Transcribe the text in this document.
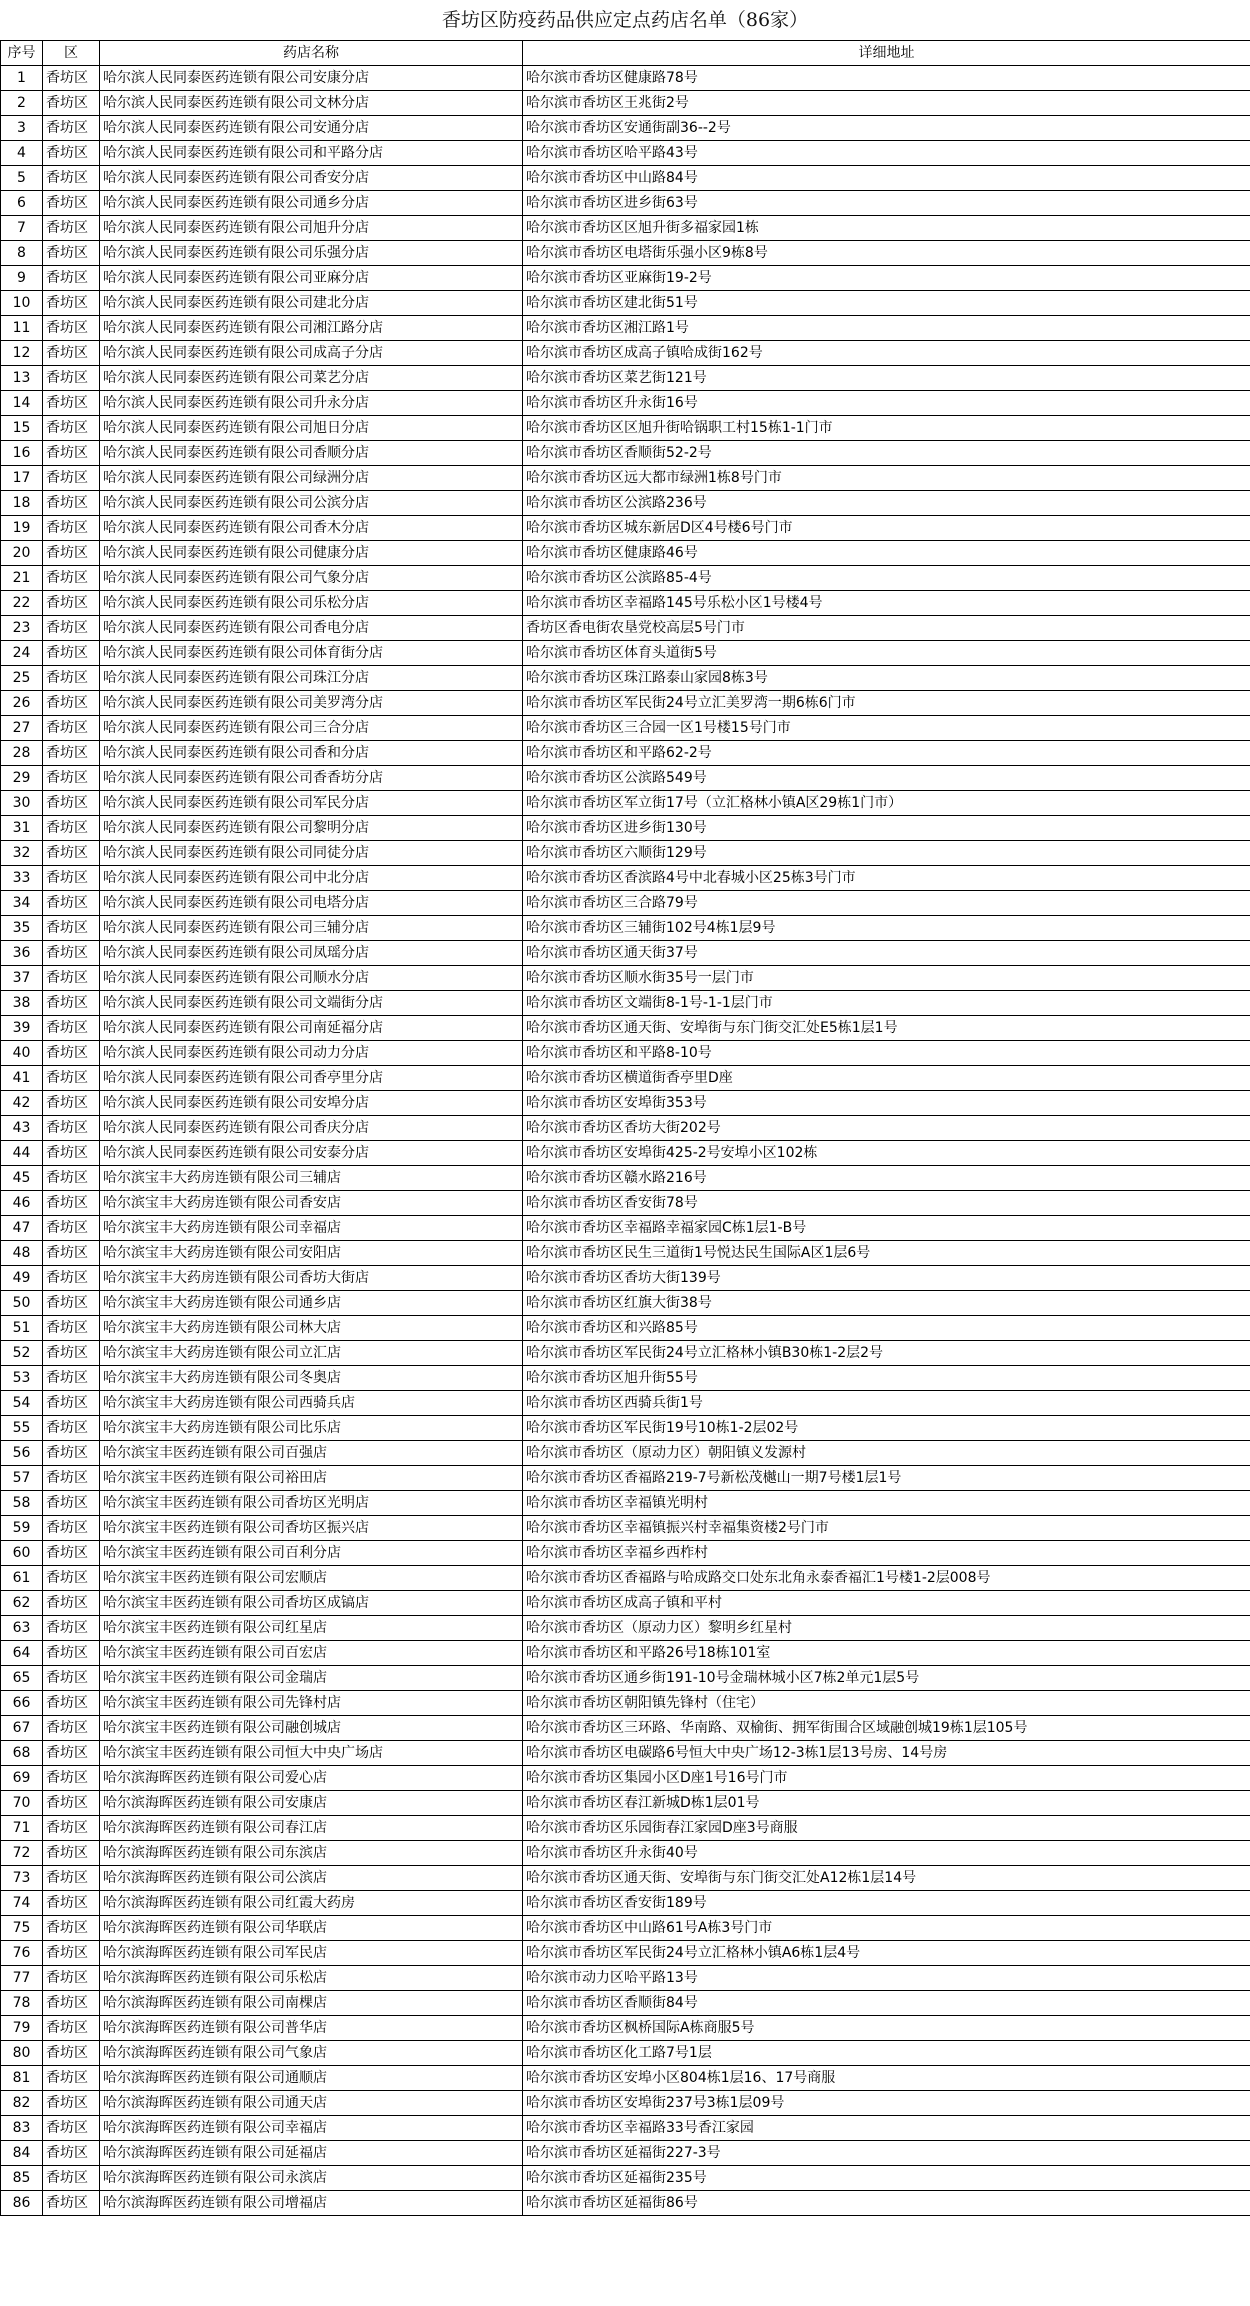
香坊区防疫药品供应定点药店名单（86家）
序号	区	药店名称	详细地址
1	香坊区	哈尔滨人民同泰医药连锁有限公司安康分店	哈尔滨市香坊区健康路78号
2	香坊区	哈尔滨人民同泰医药连锁有限公司文林分店	哈尔滨市香坊区王兆街2号
3	香坊区	哈尔滨人民同泰医药连锁有限公司安通分店	哈尔滨市香坊区安通街副36--2号
4	香坊区	哈尔滨人民同泰医药连锁有限公司和平路分店	哈尔滨市香坊区哈平路43号
5	香坊区	哈尔滨人民同泰医药连锁有限公司香安分店	哈尔滨市香坊区中山路84号
6	香坊区	哈尔滨人民同泰医药连锁有限公司通乡分店	哈尔滨市香坊区进乡街63号
7	香坊区	哈尔滨人民同泰医药连锁有限公司旭升分店	哈尔滨市香坊区区旭升街多福家园1栋
8	香坊区	哈尔滨人民同泰医药连锁有限公司乐强分店	哈尔滨市香坊区电塔街乐强小区9栋8号
9	香坊区	哈尔滨人民同泰医药连锁有限公司亚麻分店	哈尔滨市香坊区亚麻街19-2号
10	香坊区	哈尔滨人民同泰医药连锁有限公司建北分店	哈尔滨市香坊区建北街51号
11	香坊区	哈尔滨人民同泰医药连锁有限公司湘江路分店	哈尔滨市香坊区湘江路1号
12	香坊区	哈尔滨人民同泰医药连锁有限公司成高子分店	哈尔滨市香坊区成高子镇哈成街162号
13	香坊区	哈尔滨人民同泰医药连锁有限公司菜艺分店	哈尔滨市香坊区菜艺街121号
14	香坊区	哈尔滨人民同泰医药连锁有限公司升永分店	哈尔滨市香坊区升永街16号
15	香坊区	哈尔滨人民同泰医药连锁有限公司旭日分店	哈尔滨市香坊区区旭升街哈锅职工村15栋1-1门市
16	香坊区	哈尔滨人民同泰医药连锁有限公司香顺分店	哈尔滨市香坊区香顺街52-2号
17	香坊区	哈尔滨人民同泰医药连锁有限公司绿洲分店	哈尔滨市香坊区远大都市绿洲1栋8号门市
18	香坊区	哈尔滨人民同泰医药连锁有限公司公滨分店	哈尔滨市香坊区公滨路236号
19	香坊区	哈尔滨人民同泰医药连锁有限公司香木分店	哈尔滨市香坊区城东新居D区4号楼6号门市
20	香坊区	哈尔滨人民同泰医药连锁有限公司健康分店	哈尔滨市香坊区健康路46号
21	香坊区	哈尔滨人民同泰医药连锁有限公司气象分店	哈尔滨市香坊区公滨路85-4号
22	香坊区	哈尔滨人民同泰医药连锁有限公司乐松分店	哈尔滨市香坊区幸福路145号乐松小区1号楼4号
23	香坊区	哈尔滨人民同泰医药连锁有限公司香电分店	香坊区香电街农垦党校高层5号门市
24	香坊区	哈尔滨人民同泰医药连锁有限公司体育街分店	哈尔滨市香坊区体育头道街5号
25	香坊区	哈尔滨人民同泰医药连锁有限公司珠江分店	哈尔滨市香坊区珠江路泰山家园8栋3号
26	香坊区	哈尔滨人民同泰医药连锁有限公司美罗湾分店	哈尔滨市香坊区军民街24号立汇美罗湾一期6栋6门市
27	香坊区	哈尔滨人民同泰医药连锁有限公司三合分店	哈尔滨市香坊区三合园一区1号楼15号门市
28	香坊区	哈尔滨人民同泰医药连锁有限公司香和分店	哈尔滨市香坊区和平路62-2号
29	香坊区	哈尔滨人民同泰医药连锁有限公司香香坊分店	哈尔滨市香坊区公滨路549号
30	香坊区	哈尔滨人民同泰医药连锁有限公司军民分店	哈尔滨市香坊区军立街17号（立汇格林小镇A区29栋1门市）
31	香坊区	哈尔滨人民同泰医药连锁有限公司黎明分店	哈尔滨市香坊区进乡街130号
32	香坊区	哈尔滨人民同泰医药连锁有限公司同徒分店	哈尔滨市香坊区六顺街129号
33	香坊区	哈尔滨人民同泰医药连锁有限公司中北分店	哈尔滨市香坊区香滨路4号中北春城小区25栋3号门市
34	香坊区	哈尔滨人民同泰医药连锁有限公司电塔分店	哈尔滨市香坊区三合路79号
35	香坊区	哈尔滨人民同泰医药连锁有限公司三辅分店	哈尔滨市香坊区三辅街102号4栋1层9号
36	香坊区	哈尔滨人民同泰医药连锁有限公司凤瑶分店	哈尔滨市香坊区通天街37号
37	香坊区	哈尔滨人民同泰医药连锁有限公司顺水分店	哈尔滨市香坊区顺水街35号一层门市
38	香坊区	哈尔滨人民同泰医药连锁有限公司文端街分店	哈尔滨市香坊区文端街8-1号-1-1层门市
39	香坊区	哈尔滨人民同泰医药连锁有限公司南延福分店	哈尔滨市香坊区通天街、安埠街与东门街交汇处E5栋1层1号
40	香坊区	哈尔滨人民同泰医药连锁有限公司动力分店	哈尔滨市香坊区和平路8-10号
41	香坊区	哈尔滨人民同泰医药连锁有限公司香亭里分店	哈尔滨市香坊区横道街香亭里D座
42	香坊区	哈尔滨人民同泰医药连锁有限公司安埠分店	哈尔滨市香坊区安埠街353号
43	香坊区	哈尔滨人民同泰医药连锁有限公司香庆分店	哈尔滨市香坊区香坊大街202号
44	香坊区	哈尔滨人民同泰医药连锁有限公司安泰分店	哈尔滨市香坊区安埠街425-2号安埠小区102栋
45	香坊区	哈尔滨宝丰大药房连锁有限公司三辅店	哈尔滨市香坊区赣水路216号
46	香坊区	哈尔滨宝丰大药房连锁有限公司香安店	哈尔滨市香坊区香安街78号
47	香坊区	哈尔滨宝丰大药房连锁有限公司幸福店	哈尔滨市香坊区幸福路幸福家园C栋1层1-B号
48	香坊区	哈尔滨宝丰大药房连锁有限公司安阳店	哈尔滨市香坊区民生三道街1号悦达民生国际A区1层6号
49	香坊区	哈尔滨宝丰大药房连锁有限公司香坊大街店	哈尔滨市香坊区香坊大街139号
50	香坊区	哈尔滨宝丰大药房连锁有限公司通乡店	哈尔滨市香坊区红旗大街38号
51	香坊区	哈尔滨宝丰大药房连锁有限公司林大店	哈尔滨市香坊区和兴路85号
52	香坊区	哈尔滨宝丰大药房连锁有限公司立汇店	哈尔滨市香坊区军民街24号立汇格林小镇B30栋1-2层2号
53	香坊区	哈尔滨宝丰大药房连锁有限公司冬奥店	哈尔滨市香坊区旭升街55号
54	香坊区	哈尔滨宝丰大药房连锁有限公司西骑兵店	哈尔滨市香坊区西骑兵街1号
55	香坊区	哈尔滨宝丰大药房连锁有限公司比乐店	哈尔滨市香坊区军民街19号10栋1-2层02号
56	香坊区	哈尔滨宝丰医药连锁有限公司百强店	哈尔滨市香坊区（原动力区）朝阳镇义发源村
57	香坊区	哈尔滨宝丰医药连锁有限公司裕田店	哈尔滨市香坊区香福路219-7号新松茂樾山一期7号楼1层1号
58	香坊区	哈尔滨宝丰医药连锁有限公司香坊区光明店	哈尔滨市香坊区幸福镇光明村
59	香坊区	哈尔滨宝丰医药连锁有限公司香坊区振兴店	哈尔滨市香坊区幸福镇振兴村幸福集资楼2号门市
60	香坊区	哈尔滨宝丰医药连锁有限公司百利分店	哈尔滨市香坊区幸福乡西柞村
61	香坊区	哈尔滨宝丰医药连锁有限公司宏顺店	哈尔滨市香坊区香福路与哈成路交口处东北角永泰香福汇1号楼1-2层008号
62	香坊区	哈尔滨宝丰医药连锁有限公司香坊区成镐店	哈尔滨市香坊区成高子镇和平村
63	香坊区	哈尔滨宝丰医药连锁有限公司红星店	哈尔滨市香坊区（原动力区）黎明乡红星村
64	香坊区	哈尔滨宝丰医药连锁有限公司百宏店	哈尔滨市香坊区和平路26号18栋101室
65	香坊区	哈尔滨宝丰医药连锁有限公司金瑞店	哈尔滨市香坊区通乡街191-10号金瑞林城小区7栋2单元1层5号
66	香坊区	哈尔滨宝丰医药连锁有限公司先锋村店	哈尔滨市香坊区朝阳镇先锋村（住宅）
67	香坊区	哈尔滨宝丰医药连锁有限公司融创城店	哈尔滨市香坊区三环路、华南路、双榆街、拥军街围合区域融创城19栋1层105号
68	香坊区	哈尔滨宝丰医药连锁有限公司恒大中央广场店	哈尔滨市香坊区电碳路6号恒大中央广场12-3栋1层13号房、14号房
69	香坊区	哈尔滨海晖医药连锁有限公司爱心店	哈尔滨市香坊区集园小区D座1号16号门市
70	香坊区	哈尔滨海晖医药连锁有限公司安康店	哈尔滨市香坊区春江新城D栋1层01号
71	香坊区	哈尔滨海晖医药连锁有限公司春江店	哈尔滨市香坊区乐园街春江家园D座3号商服
72	香坊区	哈尔滨海晖医药连锁有限公司东滨店	哈尔滨市香坊区升永街40号
73	香坊区	哈尔滨海晖医药连锁有限公司公滨店	哈尔滨市香坊区通天街、安埠街与东门街交汇处A12栋1层14号
74	香坊区	哈尔滨海晖医药连锁有限公司红霞大药房	哈尔滨市香坊区香安街189号
75	香坊区	哈尔滨海晖医药连锁有限公司华联店	哈尔滨市香坊区中山路61号A栋3号门市
76	香坊区	哈尔滨海晖医药连锁有限公司军民店	哈尔滨市香坊区军民街24号立汇格林小镇A6栋1层4号
77	香坊区	哈尔滨海晖医药连锁有限公司乐松店	哈尔滨市动力区哈平路13号
78	香坊区	哈尔滨海晖医药连锁有限公司南棵店	哈尔滨市香坊区香顺街84号
79	香坊区	哈尔滨海晖医药连锁有限公司普华店	哈尔滨市香坊区枫桥国际A栋商服5号
80	香坊区	哈尔滨海晖医药连锁有限公司气象店	哈尔滨市香坊区化工路7号1层
81	香坊区	哈尔滨海晖医药连锁有限公司通顺店	哈尔滨市香坊区安埠小区804栋1层16、17号商服
82	香坊区	哈尔滨海晖医药连锁有限公司通天店	哈尔滨市香坊区安埠街237号3栋1层09号
83	香坊区	哈尔滨海晖医药连锁有限公司幸福店	哈尔滨市香坊区幸福路33号香江家园
84	香坊区	哈尔滨海晖医药连锁有限公司延福店	哈尔滨市香坊区延福街227-3号
85	香坊区	哈尔滨海晖医药连锁有限公司永滨店	哈尔滨市香坊区延福街235号
86	香坊区	哈尔滨海晖医药连锁有限公司增福店	哈尔滨市香坊区延福街86号
